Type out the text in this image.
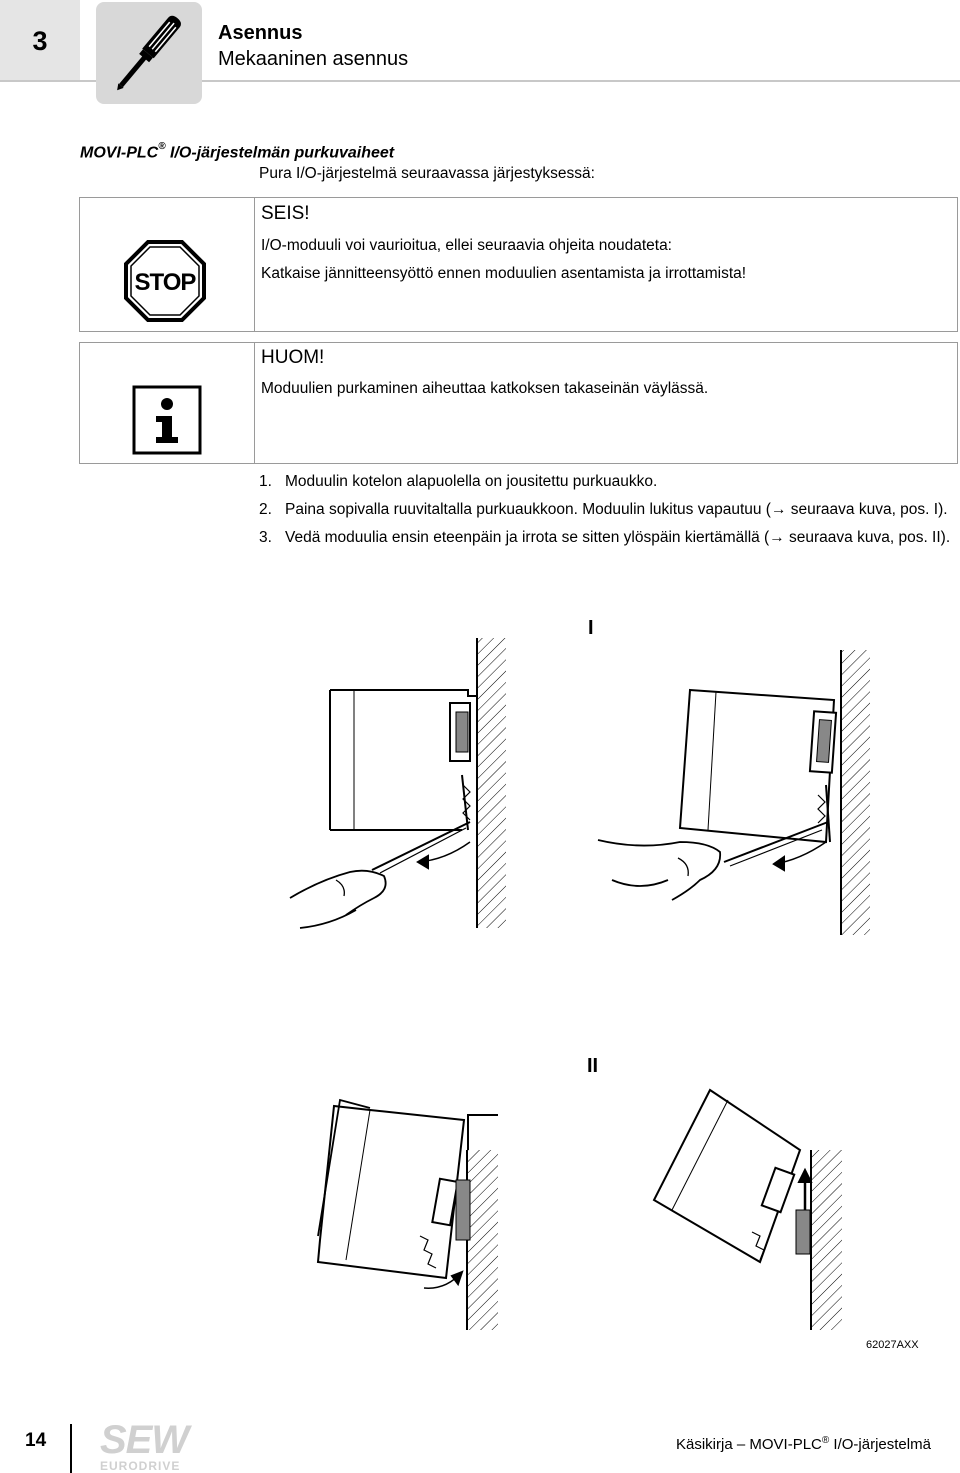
3	Asennus
Mekaaninen asennus
MOVI-PLC® I/O-järjestelmän purkuvaiheet
Pura I/O-järjestelmä seuraavassa järjestyksessä:
STOP
SEIS!
I/O-moduuli voi vaurioitua, ellei seuraavia ohjeita noudateta:
Katkaise jännitteensyöttö ennen moduulien asentamista ja irrottamista!
HUOM!
Moduulien purkaminen aiheuttaa katkoksen takaseinän väylässä.
1. Moduulin kotelon alapuolella on jousitettu purkuaukko.
2. Paina sopivalla ruuvitaltalla purkuaukkoon. Moduulin lukitus vapautuu (→ seuraava kuva, pos. I).
3. Vedä moduulia ensin eteenpäin ja irrota se sitten ylöspäin kiertämällä (→ seuraava kuva, pos. II).
I
II
62027AXX
14 SEW
EURODRIVE
Käsikirja – MOVI-PLC® I/O-järjestelmä
